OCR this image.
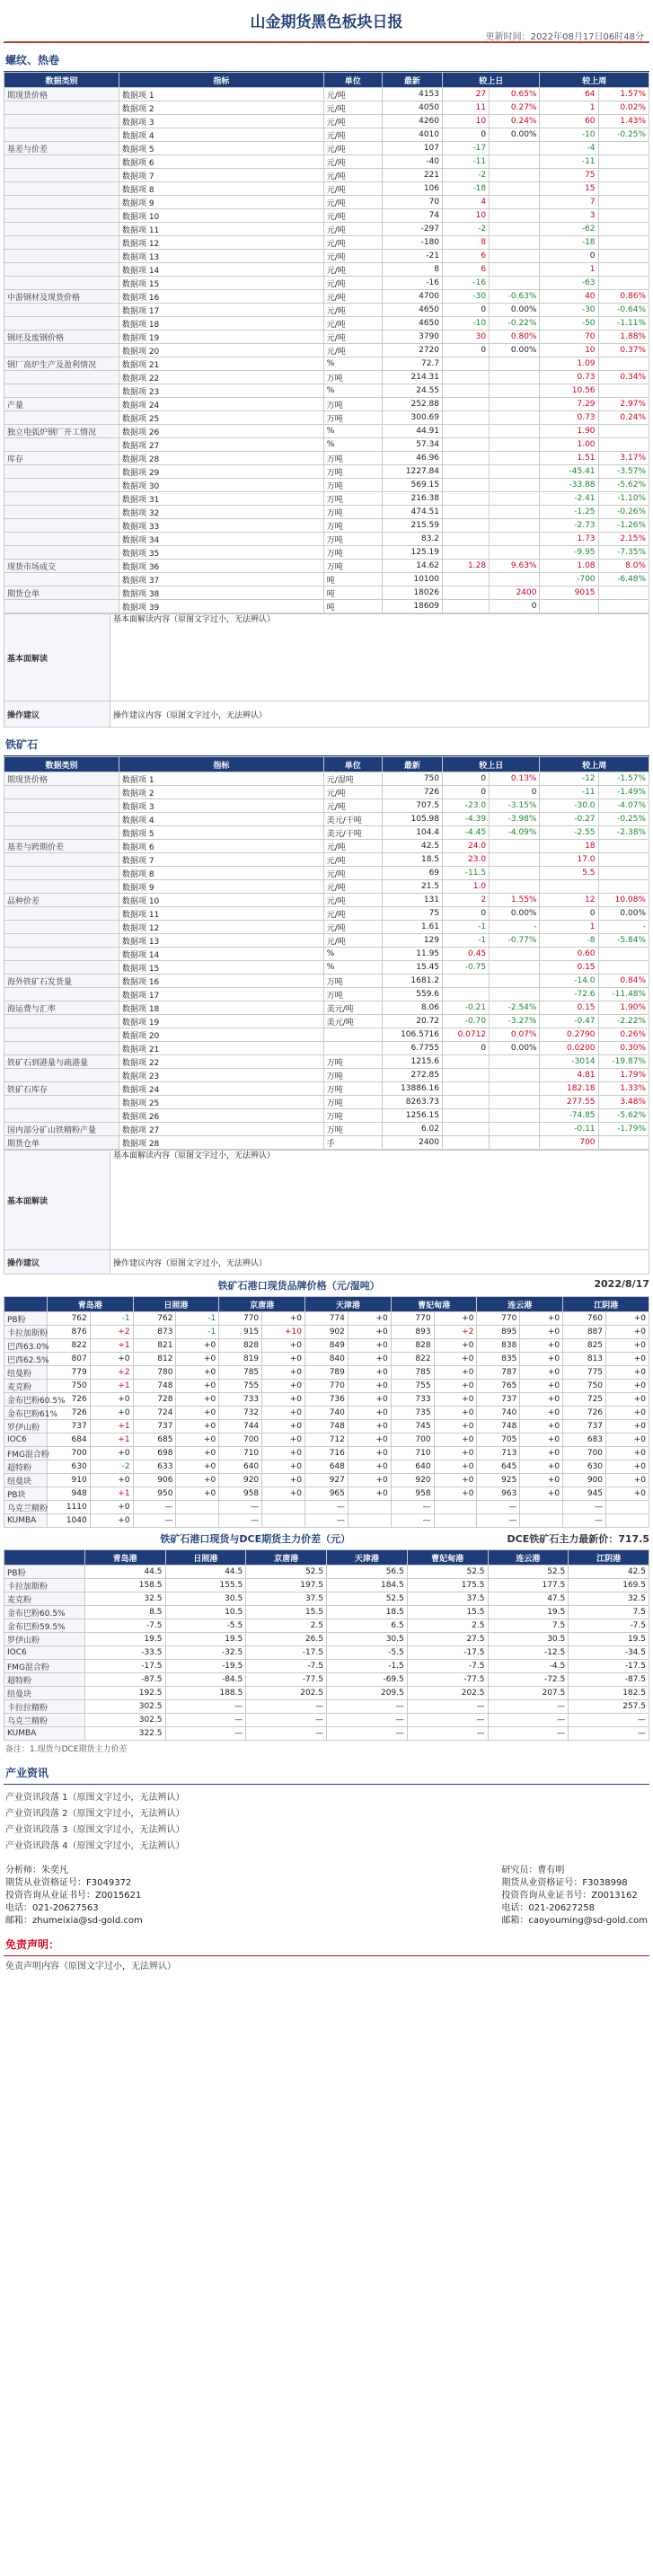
山金期货黑色板块日报
更新时间：2022年08月17日06时48分
螺纹、热卷
数据类别	指标	单位	最新	较上日		较上周	
期现货价格	数据项 1	元/吨	4153	27	0.65%	64	1.57%
	数据项 2	元/吨	4050	11	0.27%	1	0.02%
	数据项 3	元/吨	4260	10	0.24%	60	1.43%
	数据项 4	元/吨	4010	0	0.00%	-10	-0.25%
基差与价差	数据项 5	元/吨	107	-17		-4	
	数据项 6	元/吨	-40	-11		-11	
	数据项 7	元/吨	221	-2		75	
	数据项 8	元/吨	106	-18		15	
	数据项 9	元/吨	70	4		7	
	数据项 10	元/吨	74	10		3	
	数据项 11	元/吨	-297	-2		-62	
	数据项 12	元/吨	-180	8		-18	
	数据项 13	元/吨	-21	6		0	
	数据项 14	元/吨	8	6		1	
	数据项 15	元/吨	-16	-16		-63	
中游钢材及现货价格	数据项 16	元/吨	4700	-30	-0.63%	40	0.86%
	数据项 17	元/吨	4650	0	0.00%	-30	-0.64%
	数据项 18	元/吨	4650	-10	-0.22%	-50	-1.11%
钢坯及废钢价格	数据项 19	元/吨	3790	30	0.80%	70	1.88%
	数据项 20	元/吨	2720	0	0.00%	10	0.37%
钢厂高炉生产及盈利情况	数据项 21	%	72.7			1.09	
	数据项 22	万吨	214.31			0.73	0.34%
	数据项 23	%	24.55			10.56	
产量	数据项 24	万吨	252.88			7.29	2.97%
	数据项 25	万吨	300.69			0.73	0.24%
独立电弧炉钢厂开工情况	数据项 26	%	44.91			1.90	
	数据项 27	%	57.34			1.00	
库存	数据项 28	万吨	46.96			1.51	3.17%
	数据项 29	万吨	1227.84			-45.41	-3.57%
	数据项 30	万吨	569.15			-33.88	-5.62%
	数据项 31	万吨	216.38			-2.41	-1.10%
	数据项 32	万吨	474.51			-1.25	-0.26%
	数据项 33	万吨	215.59			-2.73	-1.26%
	数据项 34	万吨	83.2			1.73	2.15%
	数据项 35	万吨	125.19			-9.95	-7.35%
现货市场成交	数据项 36	万吨	14.62	1.28	9.63%	1.08	8.0%
	数据项 37	吨	10100			-700	-6.48%
期货仓单	数据项 38	吨	18026		2400	9015	
	数据项 39	吨	18609		0		
基本面解读	基本面解读内容（原图文字过小，无法辨认）
操作建议	操作建议内容（原图文字过小，无法辨认）
铁矿石
数据类别	指标	单位	最新	较上日		较上周	
期现货价格	数据项 1	元/湿吨	750	0	0.13%	-12	-1.57%
	数据项 2	元/吨	726	0	0	-11	-1.49%
	数据项 3	元/吨	707.5	-23.0	-3.15%	-30.0	-4.07%
	数据项 4	美元/干吨	105.98	-4.39	-3.98%	-0.27	-0.25%
	数据项 5	美元/干吨	104.4	-4.45	-4.09%	-2.55	-2.38%
基差与跨期价差	数据项 6	元/吨	42.5	24.0		18	
	数据项 7	元/吨	18.5	23.0		17.0	
	数据项 8	元/吨	69	-11.5		5.5	
	数据项 9	元/吨	21.5	1.0			
品种价差	数据项 10	元/吨	131	2	1.55%	12	10.08%
	数据项 11	元/吨	75	0	0.00%	0	0.00%
	数据项 12	元/吨	1.61	-1	-	1	-
	数据项 13	元/吨	129	-1	-0.77%	-8	-5.84%
	数据项 14	%	11.95	0.45		0.60	
	数据项 15	%	15.45	-0.75		0.15	
海外铁矿石发货量	数据项 16	万吨	1681.2			-14.0	0.84%
	数据项 17	万吨	559.6			-72.6	-11.48%
海运费与汇率	数据项 18	美元/吨	8.06	-0.21	-2.54%	0.15	1.90%
	数据项 19	美元/吨	20.72	-0.70	-3.27%	-0.47	-2.22%
	数据项 20		106.5716	0.0712	0.07%	0.2790	0.26%
	数据项 21		6.7755	0	0.00%	0.0200	0.30%
铁矿石到港量与疏港量	数据项 22	万吨	1215.6			-3014	-19.87%
	数据项 23	万吨	272.85			4.81	1.79%
铁矿石库存	数据项 24	万吨	13886.16			182.18	1.33%
	数据项 25	万吨	8263.73			277.55	3.48%
	数据项 26	万吨	1256.15			-74.85	-5.62%
国内部分矿山铁精粉产量	数据项 27	万吨	6.02			-0.11	-1.79%
期货仓单	数据项 28	手	2400			700	
基本面解读	基本面解读内容（原图文字过小，无法辨认）
操作建议	操作建议内容（原图文字过小，无法辨认）
铁矿石港口现货品牌价格（元/湿吨）	2022/8/17
	青岛港		日照港		京唐港		天津港		曹妃甸港		连云港		江阴港	
PB粉	762	-1	762	-1	770	+0	774	+0	770	+0	770	+0	760	+0
卡拉加斯粉	876	+2	873	-1	915	+10	902	+0	893	+2	895	+0	887	+0
巴西63.0%	822	+1	821	+0	828	+0	849	+0	828	+0	838	+0	825	+0
巴西62.5%	807	+0	812	+0	819	+0	840	+0	822	+0	835	+0	813	+0
纽曼粉	779	+2	780	+0	785	+0	789	+0	785	+0	787	+0	775	+0
麦克粉	750	+1	748	+0	755	+0	770	+0	755	+0	765	+0	750	+0
金布巴粉60.5%	726	+0	728	+0	733	+0	736	+0	733	+0	737	+0	725	+0
金布巴粉61%	726	+0	724	+0	732	+0	740	+0	735	+0	740	+0	726	+0
罗伊山粉	737	+1	737	+0	744	+0	748	+0	745	+0	748	+0	737	+0
IOC6	684	+1	685	+0	700	+0	712	+0	700	+0	705	+0	683	+0
FMG混合粉	700	+0	698	+0	710	+0	716	+0	710	+0	713	+0	700	+0
超特粉	630	-2	633	+0	640	+0	648	+0	640	+0	645	+0	630	+0
纽曼块	910	+0	906	+0	920	+0	927	+0	920	+0	925	+0	900	+0
PB块	948	+1	950	+0	958	+0	965	+0	958	+0	963	+0	945	+0
乌克兰精粉	1110	+0	—		—		—		—		—		—	
KUMBA	1040	+0	—		—		—		—		—		—	
铁矿石港口现货与DCE期货主力价差（元）	DCE铁矿石主力最新价：717.5
	青岛港	日照港	京唐港	天津港	曹妃甸港	连云港	江阴港
PB粉	44.5	44.5	52.5	56.5	52.5	52.5	42.5
卡拉加斯粉	158.5	155.5	197.5	184.5	175.5	177.5	169.5
麦克粉	32.5	30.5	37.5	52.5	37.5	47.5	32.5
金布巴粉60.5%	8.5	10.5	15.5	18.5	15.5	19.5	7.5
金布巴粉59.5%	-7.5	-5.5	2.5	6.5	2.5	7.5	-7.5
罗伊山粉	19.5	19.5	26.5	30.5	27.5	30.5	19.5
IOC6	-33.5	-32.5	-17.5	-5.5	-17.5	-12.5	-34.5
FMG混合粉	-17.5	-19.5	-7.5	-1.5	-7.5	-4.5	-17.5
超特粉	-87.5	-84.5	-77.5	-69.5	-77.5	-72.5	-87.5
纽曼块	192.5	188.5	202.5	209.5	202.5	207.5	182.5
卡拉拉精粉	302.5	—	—	—	—	—	257.5
乌克兰精粉	302.5	—	—	—	—	—	—
KUMBA	322.5	—	—	—	—	—	—
备注：1.现货与DCE期货主力价差
产业资讯

产业资讯段落 1（原图文字过小，无法辨认）

产业资讯段落 2（原图文字过小，无法辨认）

产业资讯段落 3（原图文字过小，无法辨认）

产业资讯段落 4（原图文字过小，无法辨认）

分析师：朱奕凡
期货从业资格证号：F3049372
投资咨询从业证书号：Z0015621
电话：021-20627563
邮箱：zhumeixia@sd-gold.com
研究员：曹有明
期货从业资格证号：F3038998
投资咨询从业证书号：Z0013162
电话：021-20627258
邮箱：caoyouming@sd-gold.com
免责声明：
免责声明内容（原图文字过小，无法辨认）
